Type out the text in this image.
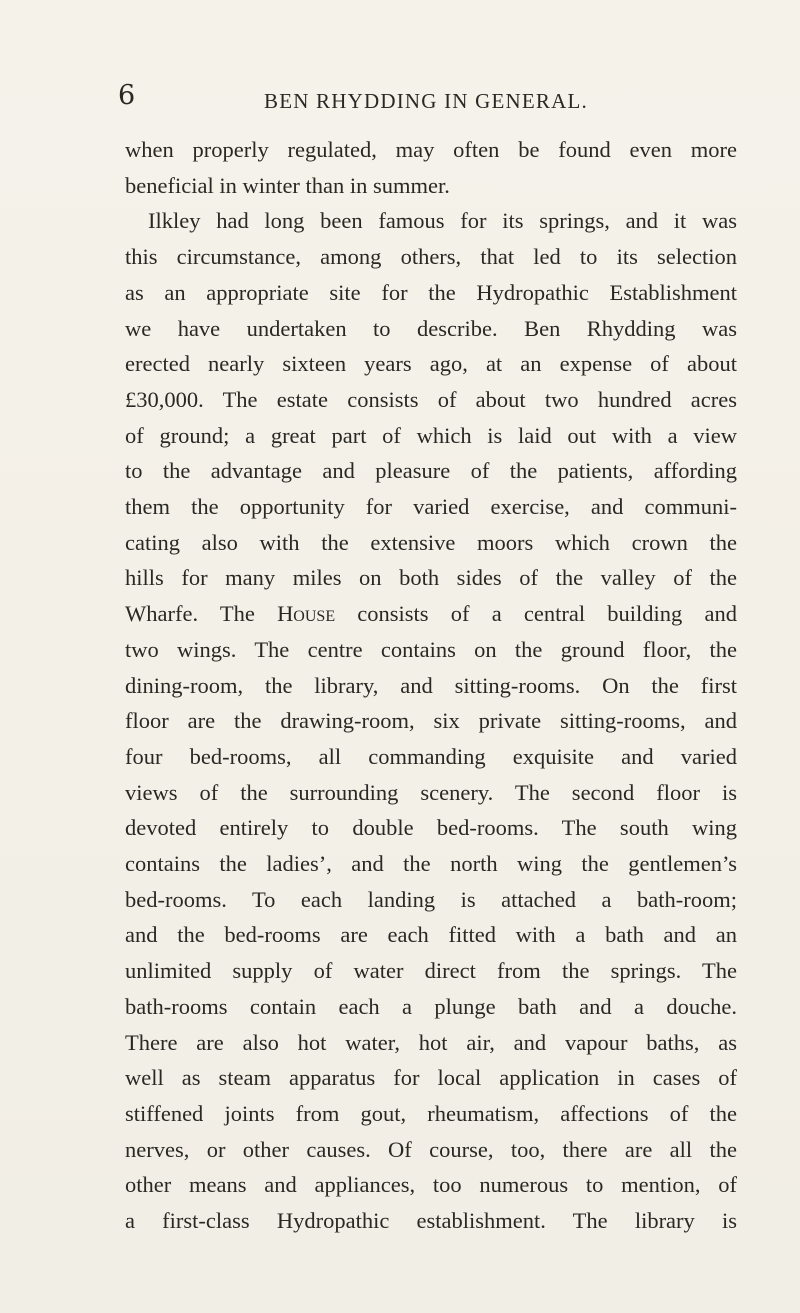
6	BEN RHYDDING IN GENERAL.
when properly regulated, may often be found even more
beneficial in winter than in summer.
Ilkley had long been famous for its springs, and it was
this circumstance, among others, that led to its selection
as an appropriate site for the Hydropathic Establishment
we have undertaken to describe. Ben Rhydding was
erected nearly sixteen years ago, at an expense of about
£30,000. The estate consists of about two hundred acres
of ground; a great part of which is laid out with a view
to the advantage and pleasure of the patients, affording
them the opportunity for varied exercise, and communi-
cating also with the extensive moors which crown the
hills for many miles on both sides of the valley of the
Wharfe. The House consists of a central building and
two wings. The centre contains on the ground floor, the
dining-room, the library, and sitting-rooms. On the first
floor are the drawing-room, six private sitting-rooms, and
four bed-rooms, all commanding exquisite and varied
views of the surrounding scenery. The second floor is
devoted entirely to double bed-rooms. The south wing
contains the ladies’, and the north wing the gentlemen’s
bed-rooms. To each landing is attached a bath-room;
and the bed-rooms are each fitted with a bath and an
unlimited supply of water direct from the springs. The
bath-rooms contain each a plunge bath and a douche.
There are also hot water, hot air, and vapour baths, as
well as steam apparatus for local application in cases of
stiffened joints from gout, rheumatism, affections of the
nerves, or other causes. Of course, too, there are all the
other means and appliances, too numerous to mention, of
a first-class Hydropathic establishment. The library is
